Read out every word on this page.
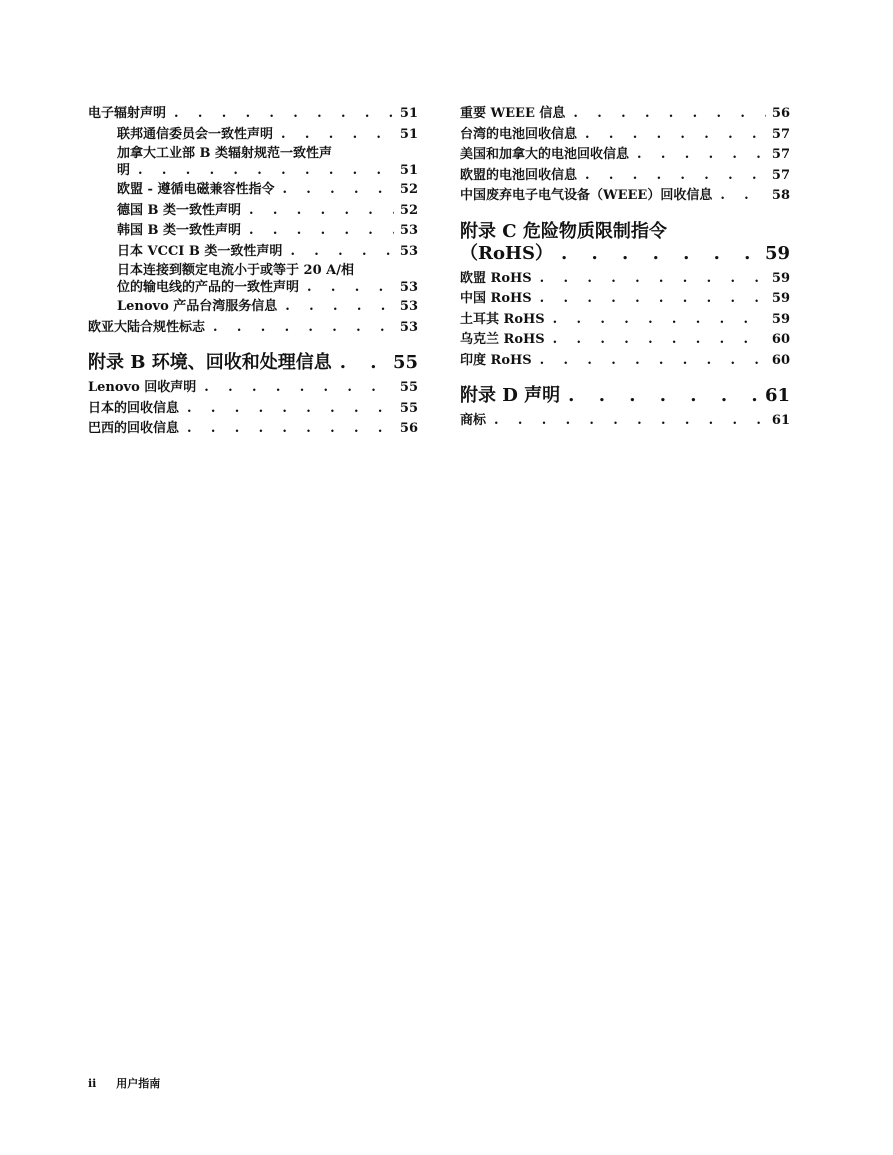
电子辐射声明 . . .	51
联邦通信委员会一致性声明 . . .	51
加拿大工业部 B 类辐射规范一致性声
明 . . .	51
欧盟 - 遵循电磁兼容性指令 . . .	52
德国 B 类一致性声明 . . .	52
韩国 B 类一致性声明 . . .	53
日本 VCCI B 类一致性声明 . . .	53
日本连接到额定电流小于或等于 20 A/相
位的输电线的产品的一致性声明 . . .	53
Lenovo 产品台湾服务信息 . . .	53
欧亚大陆合规性标志 . . .	53
附录 B 环境、回收和处理信息 . . .	55
Lenovo 回收声明 . . .	55
日本的回收信息 . . .	55
巴西的回收信息 . . .	56
重要 WEEE 信息 . . .	56
台湾的电池回收信息 . . .	57
美国和加拿大的电池回收信息 . . .	57
欧盟的电池回收信息 . . .	57
中国废弃电子电气设备（WEEE）回收信息 . . .	58
附录 C 危险物质限制指令
（RoHS） . . .	59
欧盟 RoHS . . .	59
中国 RoHS . . .	59
土耳其 RoHS . . .	59
乌克兰 RoHS . . .	60
印度 RoHS . . .	60
附录 D 声明 . . .	61
商标 . . .	61
ii 用户指南
